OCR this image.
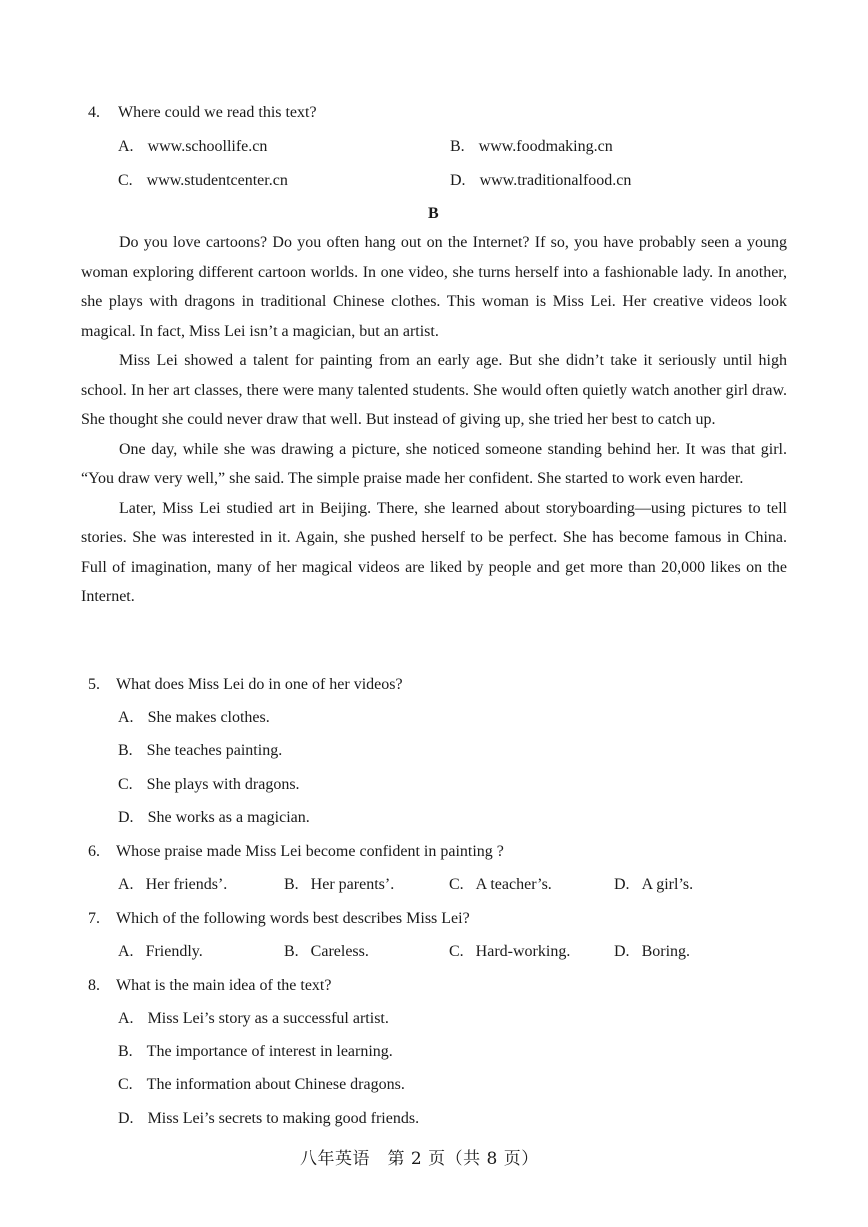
4. Where could we read this text?
A. www.schoollife.cn	B. www.foodmaking.cn
C. www.studentcenter.cn	D. www.traditionalfood.cn
B
Do you love cartoons? Do you often hang out on the Internet? If so, you have probably seen a young woman exploring different cartoon worlds. In one video, she turns herself into a fashionable lady. In another, she plays with dragons in traditional Chinese clothes. This woman is Miss Lei. Her creative videos look magical. In fact, Miss Lei isn’t a magician, but an artist.
Miss Lei showed a talent for painting from an early age. But she didn’t take it seriously until high school. In her art classes, there were many talented students. She would often quietly watch another girl draw. She thought she could never draw that well. But instead of giving up, she tried her best to catch up.
One day, while she was drawing a picture, she noticed someone standing behind her. It was that girl. “You draw very well,” she said. The simple praise made her confident. She started to work even harder.
Later, Miss Lei studied art in Beijing. There, she learned about storyboarding—using pictures to tell stories. She was interested in it. Again, she pushed herself to be perfect. She has become famous in China. Full of imagination, many of her magical videos are liked by people and get more than 20,000 likes on the Internet.
5. What does Miss Lei do in one of her videos?
A. She makes clothes.
B. She teaches painting.
C. She plays with dragons.
D. She works as a magician.
6. Whose praise made Miss Lei become confident in painting ?
A. Her friends’.	B. Her parents’.	C. A teacher’s.	D. A girl’s.
7. Which of the following words best describes Miss Lei?
A. Friendly.	B. Careless.	C. Hard-working.	D. Boring.
8. What is the main idea of the text?
A. Miss Lei’s story as a successful artist.
B. The importance of interest in learning.
C. The information about Chinese dragons.
D. Miss Lei’s secrets to making good friends.
八年英语　第 2 页（共 8 页）
